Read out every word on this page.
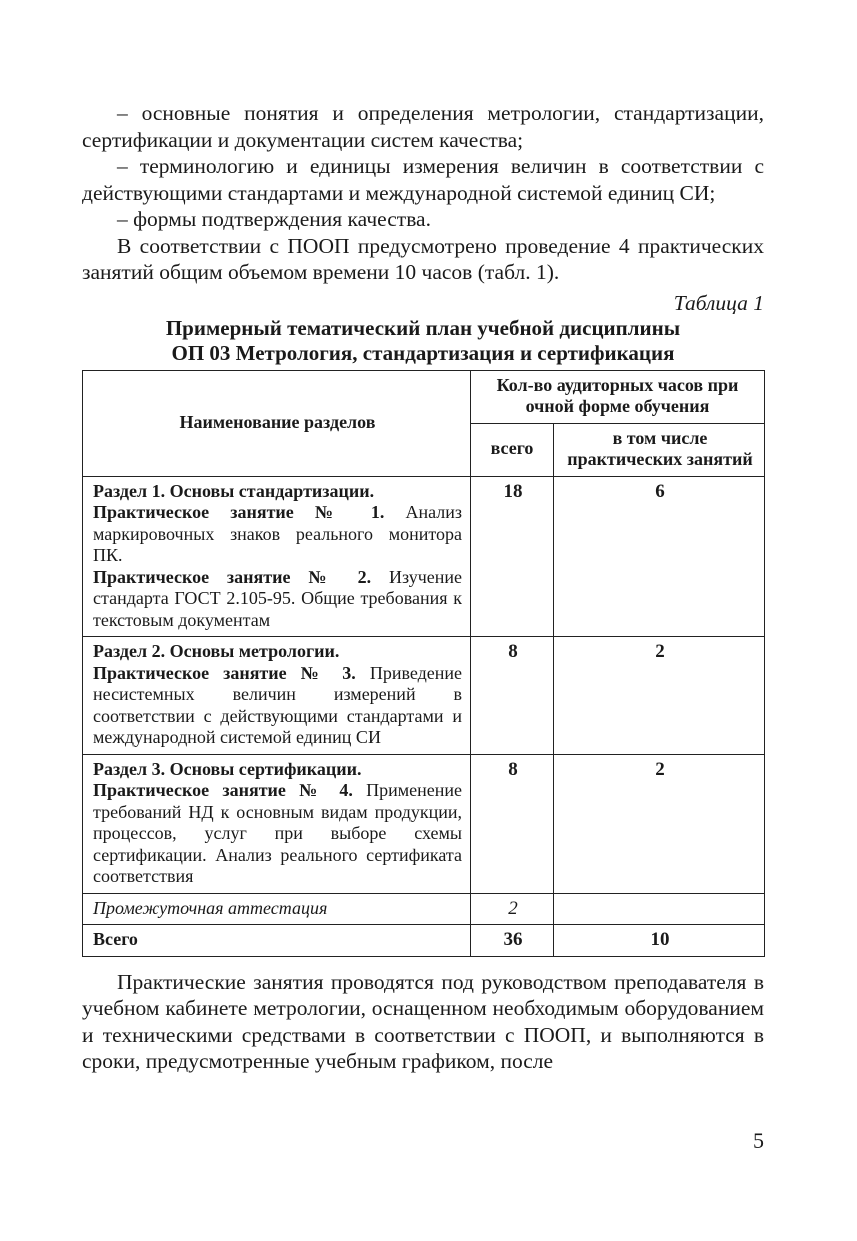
– основные понятия и определения метрологии, стандартизации, сертификации и документации систем качества;

– терминологию и единицы измерения величин в соответствии с действующими стандартами и международной системой единиц СИ;

– формы подтверждения качества.

В соответствии с ПООП предусмотрено проведение 4 практических занятий общим объемом времени 10 часов (табл. 1).

Таблица 1

Примерный тематический план учебной дисциплины
ОП 03 Метрология, стандартизация и сертификация

Наименование разделов	Кол-во аудиторных часов при очной форме обучения	
	всего	в том числе практических занятий
Раздел 1. Основы стандартизации.
Практическое занятие № 1. Анализ маркировочных знаков реального монитора ПК.
Практическое занятие № 2. Изучение стандарта ГОСТ 2.105-95. Общие требования к текстовым документам	18	6
Раздел 2. Основы метрологии.
Практическое занятие № 3. Приведение несистемных величин измерений в соответствии с действующими стандартами и международной системой единиц СИ	8	2
Раздел 3. Основы сертификации.
Практическое занятие № 4. Применение требований НД к основным видам продукции, процессов, услуг при выборе схемы сертификации. Анализ реального сертификата соответствия	8	2
Промежуточная аттестация	2	
Всего	36	10

Практические занятия проводятся под руководством преподавателя в учебном кабинете метрологии, оснащенном необходимым оборудованием и техническими средствами в соответствии с ПООП, и выполняются в сроки, предусмотренные учебным графиком, после

5
